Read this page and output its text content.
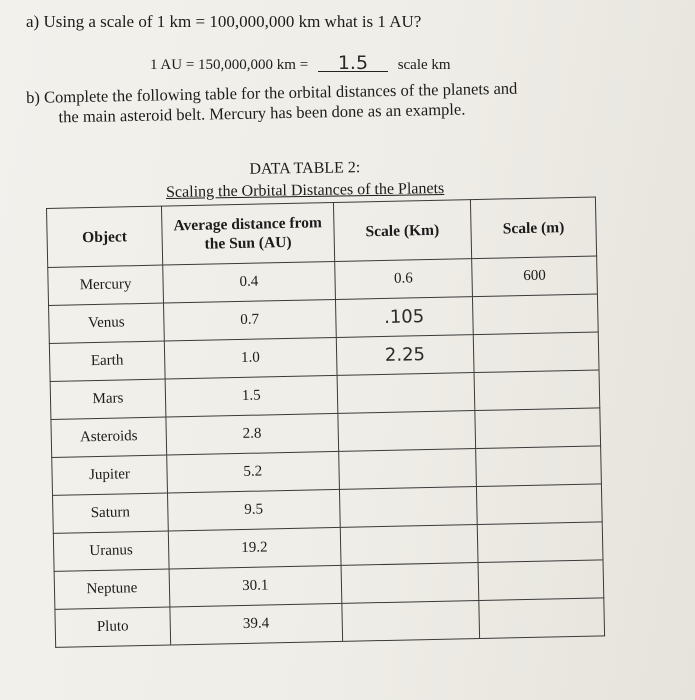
a) Using a scale of 1 km = 100,000,000 km what is 1 AU?
1 AU = 150,000,000 km = 1.5 scale km
b) Complete the following table for the orbital distances of the planets and
the main asteroid belt. Mercury has been done as an example.
DATA TABLE 2:
Scaling the Orbital Distances of the Planets
Object	Average distance from the Sun (AU)	Scale (Km)	Scale (m)
Mercury	0.4	0.6	600
Venus	0.7	.105	
Earth	1.0	2.25	
Mars	1.5		
Asteroids	2.8		
Jupiter	5.2		
Saturn	9.5		
Uranus	19.2		
Neptune	30.1		
Pluto	39.4		
